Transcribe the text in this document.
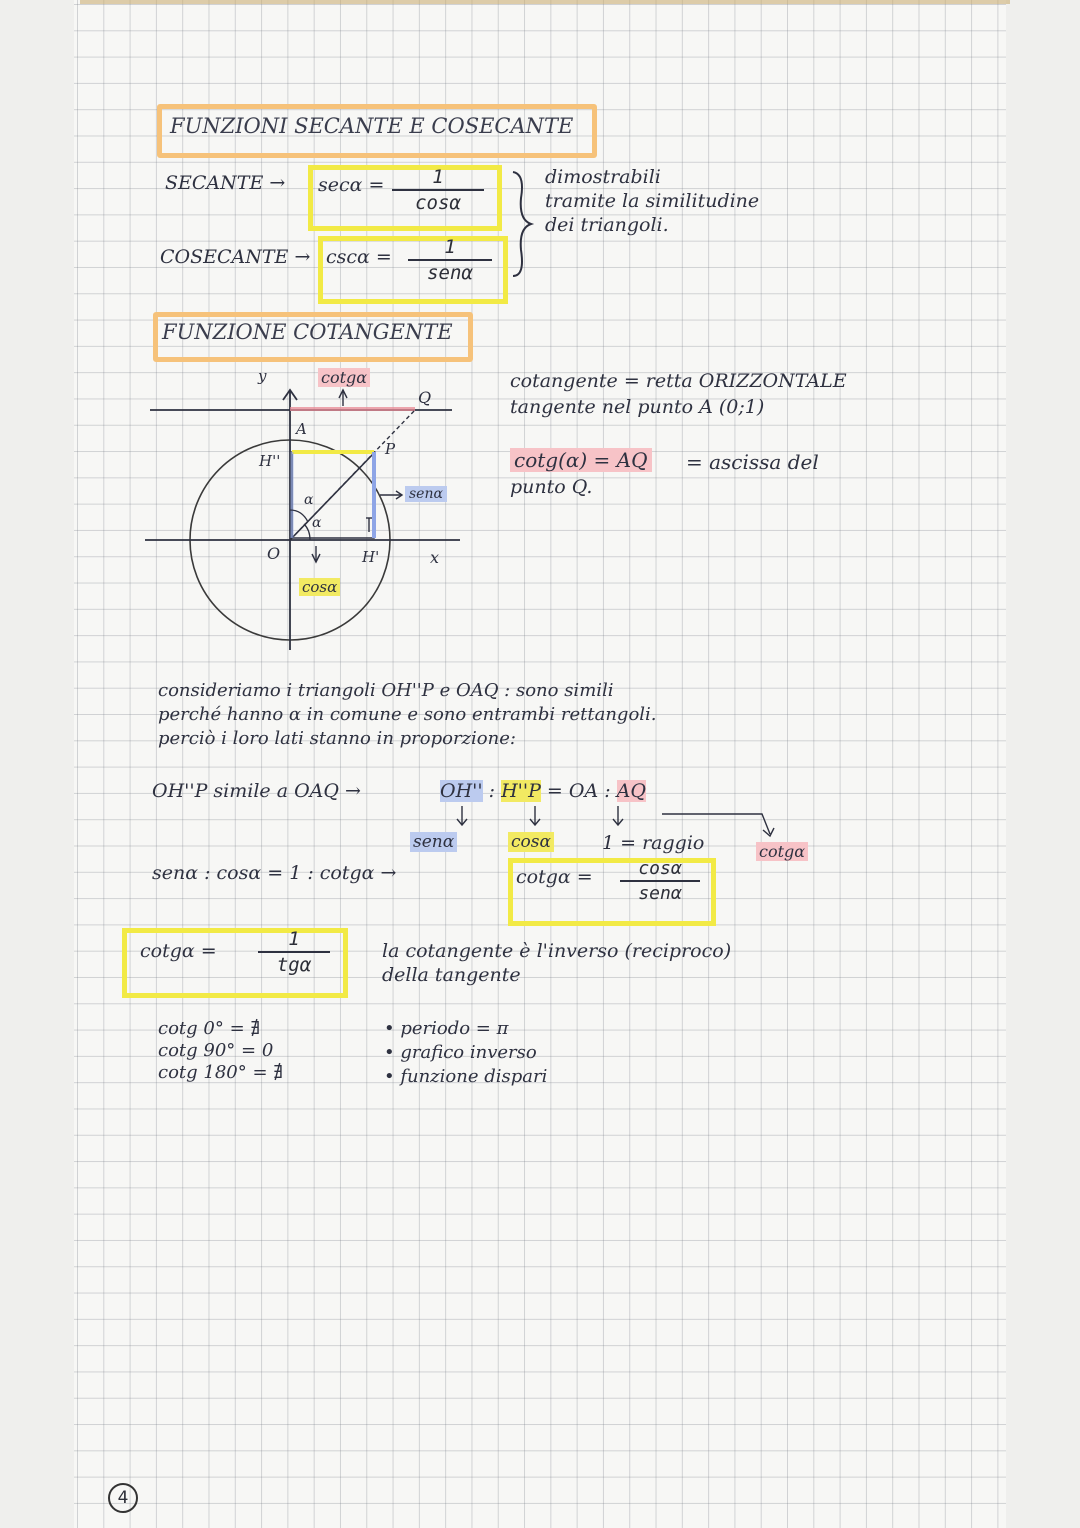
FUNZIONI SECANTE E COSECANTE
SECANTE → secα =	1
cosα
COSECANTE → cscα =	1
senα
dimostrabili
tramite la similitudine
dei triangoli.
FUNZIONE COTANGENTE
y	cotgα
Q
A
P
H''
senα
α
α
O	H'	x
cosα
cotangente = retta ORIZZONTALE
tangente nel punto A (0;1)
cotg(α) = AQ = ascissa del
punto Q.
consideriamo i triangoli OH''P e OAQ : sono simili
perché hanno α in comune e sono entrambi rettangoli.
perciò i loro lati stanno in proporzione:
OH''P simile a OAQ →	OH'' : H''P = OA : AQ
senα	cosα	1 = raggio	cotgα
senα : cosα = 1 : cotgα →	cotgα =	cosα
senα
cotgα =
1
tgα
la cotangente è l'inverso (reciproco)
della tangente
cotg 0° = ∄
cotg 90° = 0
cotg 180° = ∄
• periodo = π
• grafico inverso
• funzione dispari
4
